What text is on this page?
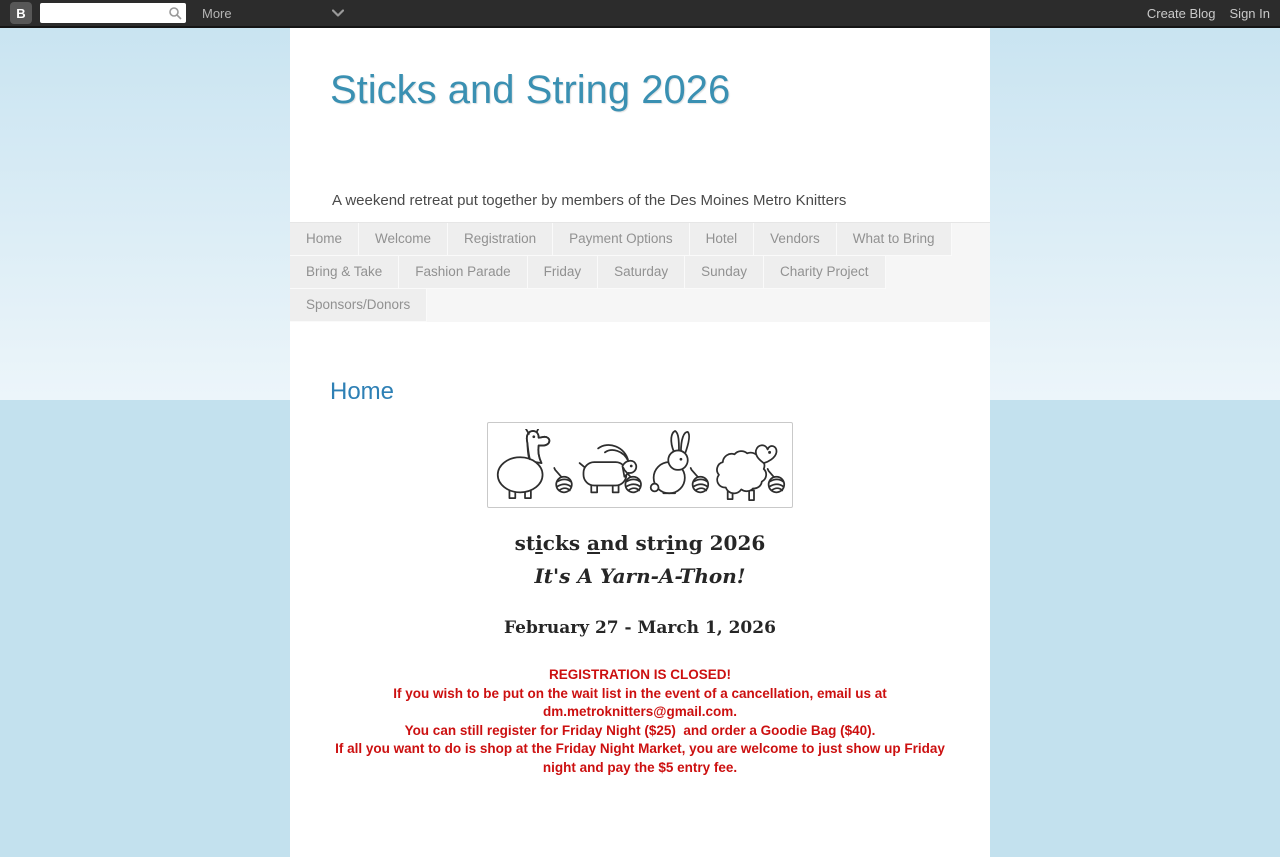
B	More	Create Blog Sign In
Sticks and String 2026
A weekend retreat put together by members of the Des Moines Metro Knitters
Home	Welcome	Registration	Payment Options	Hotel	Vendors	What to Bring
Bring & Take	Fashion Parade	Friday	Saturday	Sunday	Charity Project
Sponsors/Donors
Home
sticks and string 2026
It's A Yarn-A-Thon!
February 27 - March 1, 2026
REGISTRATION IS CLOSED!
If you wish to be put on the wait list in the event of a cancellation, email us at dm.metroknitters@gmail.com.
You can still register for Friday Night ($25)  and order a Goodie Bag ($40).
If all you want to do is shop at the Friday Night Market, you are welcome to just show up Friday night and pay the $5 entry fee.
